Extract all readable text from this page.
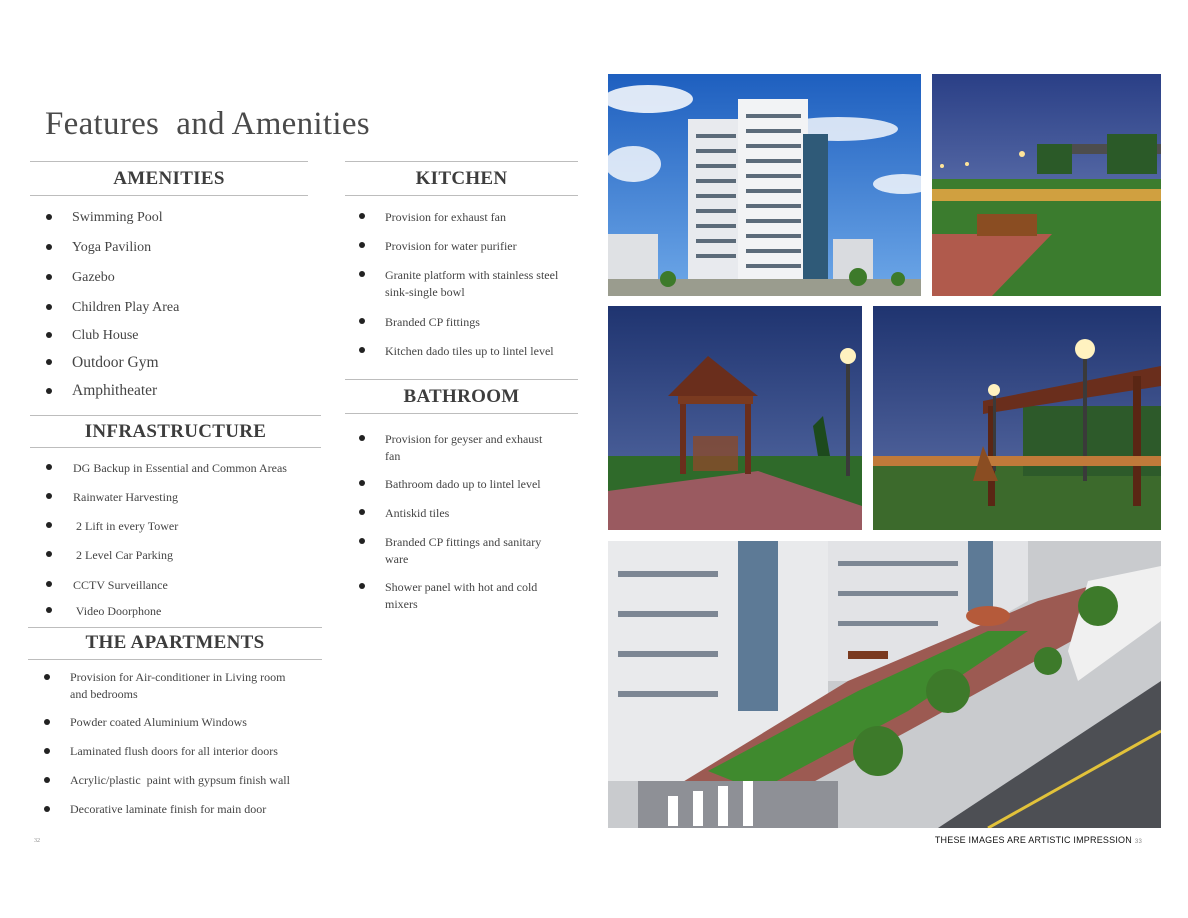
Features  and Amenities
AMENITIES
Swimming Pool
Yoga Pavilion
Gazebo
Children Play Area
Club House
Outdoor Gym
Amphitheater
INFRASTRUCTURE
DG Backup in Essential and Common Areas
Rainwater Harvesting
2 Lift in every Tower
2 Level Car Parking
CCTV Surveillance
Video Doorphone
THE APARTMENTS
Provision for Air-conditioner in Living room
and bedrooms
Powder coated Aluminium Windows
Laminated flush doors for all interior doors
Acrylic/plastic  paint with gypsum finish wall
Decorative laminate finish for main door
KITCHEN
Provision for exhaust fan
Provision for water purifier
Granite platform with stainless steel
sink-single bowl
Branded CP fittings
Kitchen dado tiles up to lintel level
BATHROOM
Provision for geyser and exhaust
fan
Bathroom dado up to lintel level
Antiskid tiles
Branded CP fittings and sanitary
ware
Shower panel with hot and cold
mixers
THESE IMAGES ARE ARTISTIC IMPRESSION 33
32
